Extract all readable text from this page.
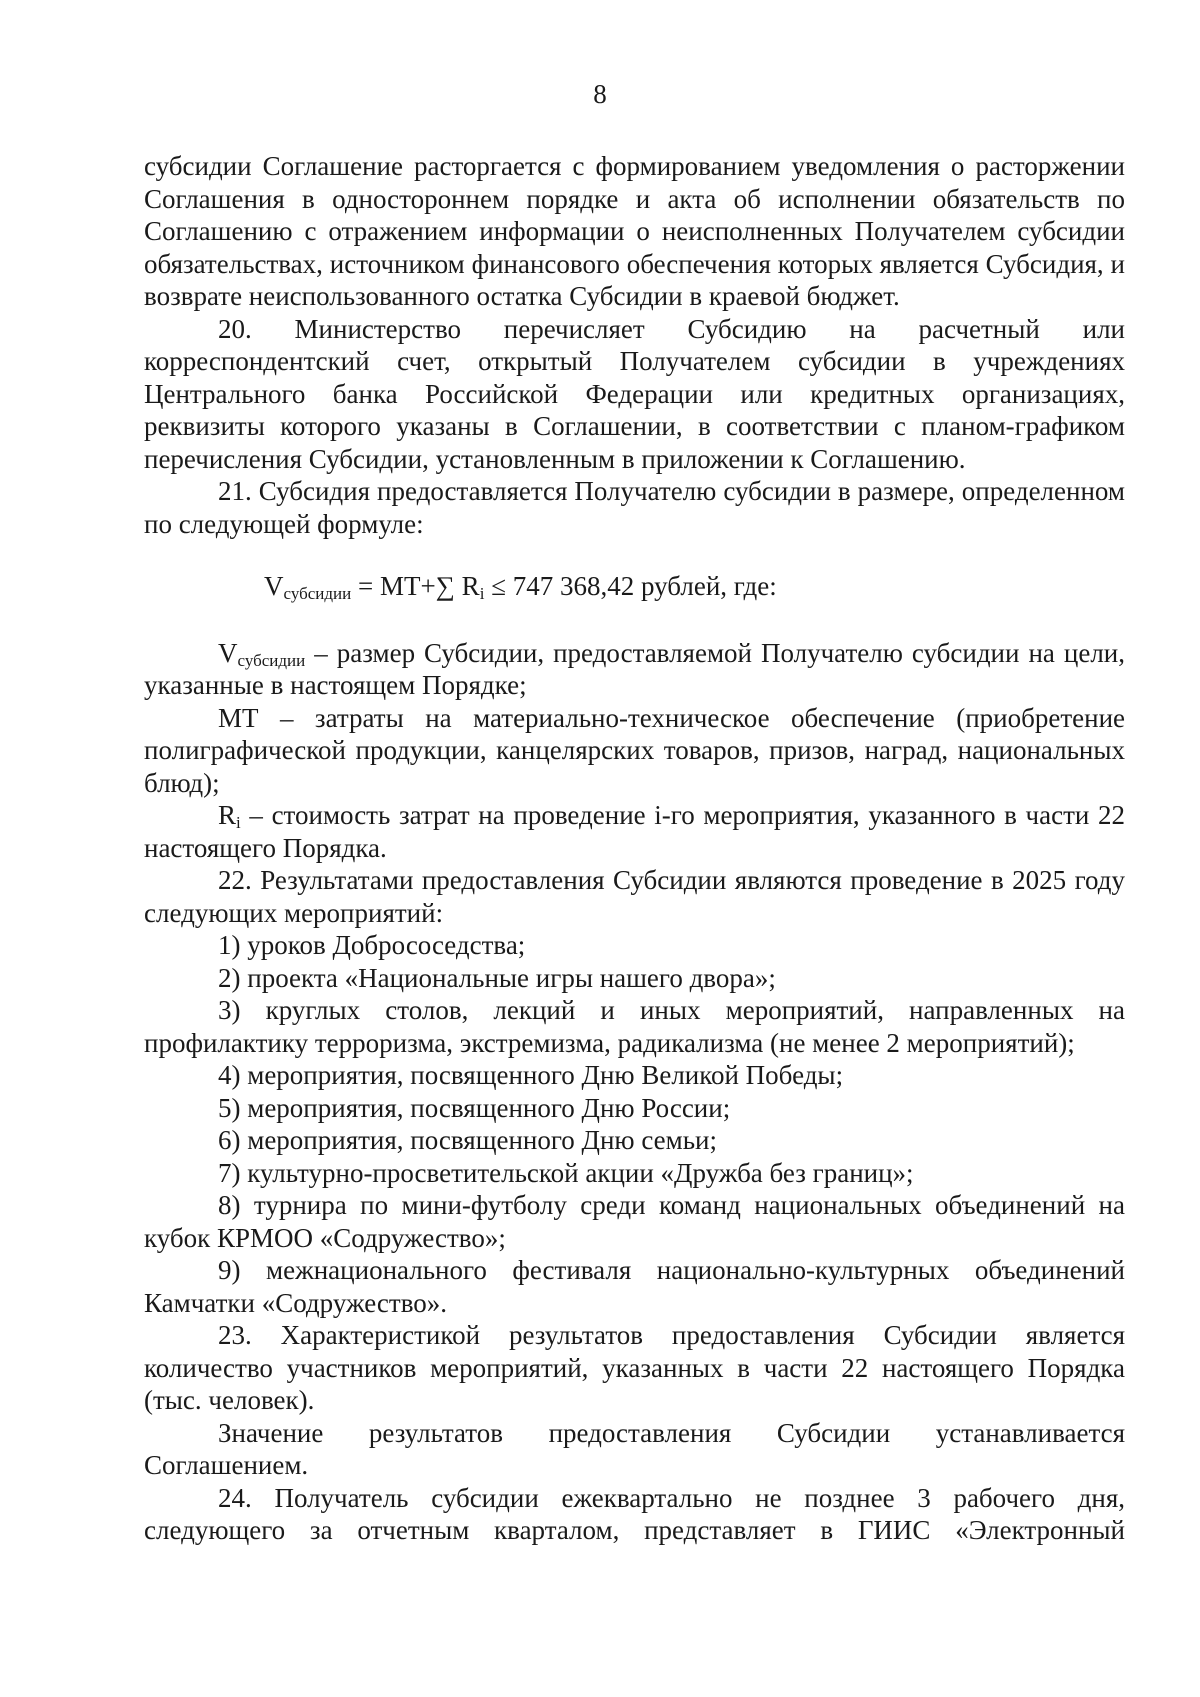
8

субсидии Соглашение расторгается с формированием уведомления о расторжении Соглашения в одностороннем порядке и акта об исполнении обязательств по Соглашению с отражением информации о неисполненных Получателем субсидии обязательствах, источником финансового обеспечения которых является Субсидия, и возврате неиспользованного остатка Субсидии в краевой бюджет.

20. Министерство перечисляет Субсидию на расчетный или корреспондентский счет, открытый Получателем субсидии в учреждениях Центрального банка Российской Федерации или кредитных организациях, реквизиты которого указаны в Соглашении, в соответствии с планом-графиком перечисления Субсидии, установленным в приложении к Соглашению.

21. Субсидия предоставляется Получателю субсидии в размере, определенном по следующей формуле:

$V_{субсидии} = МТ+\sum$ $R_i \le 747$ 368,42 рублей, где:

$V_{субсидии}$ – размер Субсидии, предоставляемой Получателю субсидии на цели, указанные в настоящем Порядке;

МТ – затраты на материально-техническое обеспечение (приобретение полиграфической продукции, канцелярских товаров, призов, наград, национальных блюд);

$R_i$ – стоимость затрат на проведение i-го мероприятия, указанного в части 22 настоящего Порядка.

22. Результатами предоставления Субсидии являются проведение в 2025 году следующих мероприятий:

1) уроков Добрососедства;

2) проекта «Национальные игры нашего двора»;

3) круглых столов, лекций и иных мероприятий, направленных на профилактику терроризма, экстремизма, радикализма (не менее 2 мероприятий);

4) мероприятия, посвященного Дню Великой Победы;

5) мероприятия, посвященного Дню России;

6) мероприятия, посвященного Дню семьи;

7) культурно-просветительской акции «Дружба без границ»;

8) турнира по мини-футболу среди команд национальных объединений на кубок КРМОО «Содружество»;

9) межнационального фестиваля национально-культурных объединений Камчатки «Содружество».

23. Характеристикой результатов предоставления Субсидии является количество участников мероприятий, указанных в части 22 настоящего Порядка (тыс. человек).

Значение результатов предоставления Субсидии устанавливается Соглашением.

24. Получатель субсидии ежеквартально не позднее 3 рабочего дня, следующего за отчетным кварталом, представляет в ГИИС «Электронный
